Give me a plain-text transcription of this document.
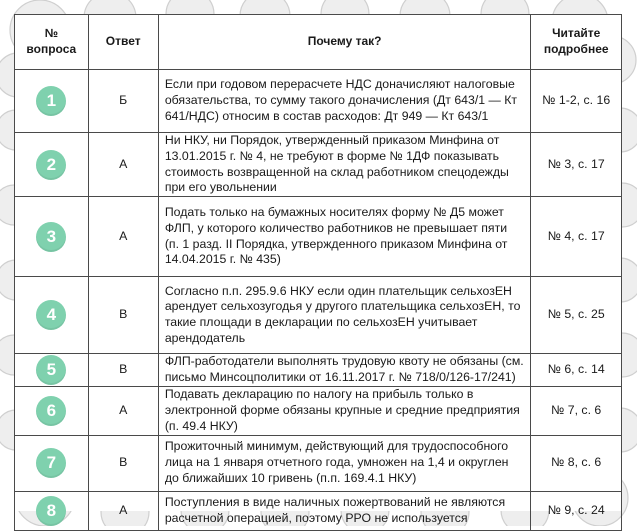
№ вопроса	Ответ	Почему так?	Читайте подробнее
1	Б	Если при годовом перерасчете НДС доначисляют налоговые обязательства, то сумму такого доначисления (Дт 643/1 — Кт 641/НДС) относим в состав расходов: Дт 949 — Кт 643/1	№ 1-2, с. 16
2	А	Ни НКУ, ни Порядок, утвержденный приказом Минфина от 13.01.2015 г. № 4, не требуют в форме № 1ДФ показывать стоимость возвращенной на склад работником спецодежды при его увольнении	№ 3, с. 17
3	А	Подать только на бумажных носителях форму № Д5 может ФЛП, у которого количество работников не превышает пяти (п. 1 разд. II Порядка, утвержденного приказом Минфина от 14.04.2015 г. № 435)	№ 4, с. 17
4	В	Согласно п.п. 295.9.6 НКУ если один плательщик сельхозЕН арендует сельхозугодья у другого плательщика сельхозЕН, то такие площади в декларации по сельхозЕН учитывает арендодатель	№ 5, с. 25
5	В	ФЛП-работодатели выполнять трудовую квоту не обязаны (см. письмо Минсоцполитики от 16.11.2017 г. № 718/0/126-17/241)	№ 6, с. 14
6	А	Подавать декларацию по налогу на прибыль только в электронной форме обязаны крупные и средние предприятия (п. 49.4 НКУ)	№ 7, с. 6
7	В	Прожиточный минимум, действующий для трудоспособного лица на 1 января отчетного года, умножен на 1,4 и округлен до ближайших 10 гривень (п.п. 169.4.1 НКУ)	№ 8, с. 6
8	А	Поступления в виде наличных пожертвований не являются расчетной операцией, поэтому РРО не используется	№ 9, с. 24
